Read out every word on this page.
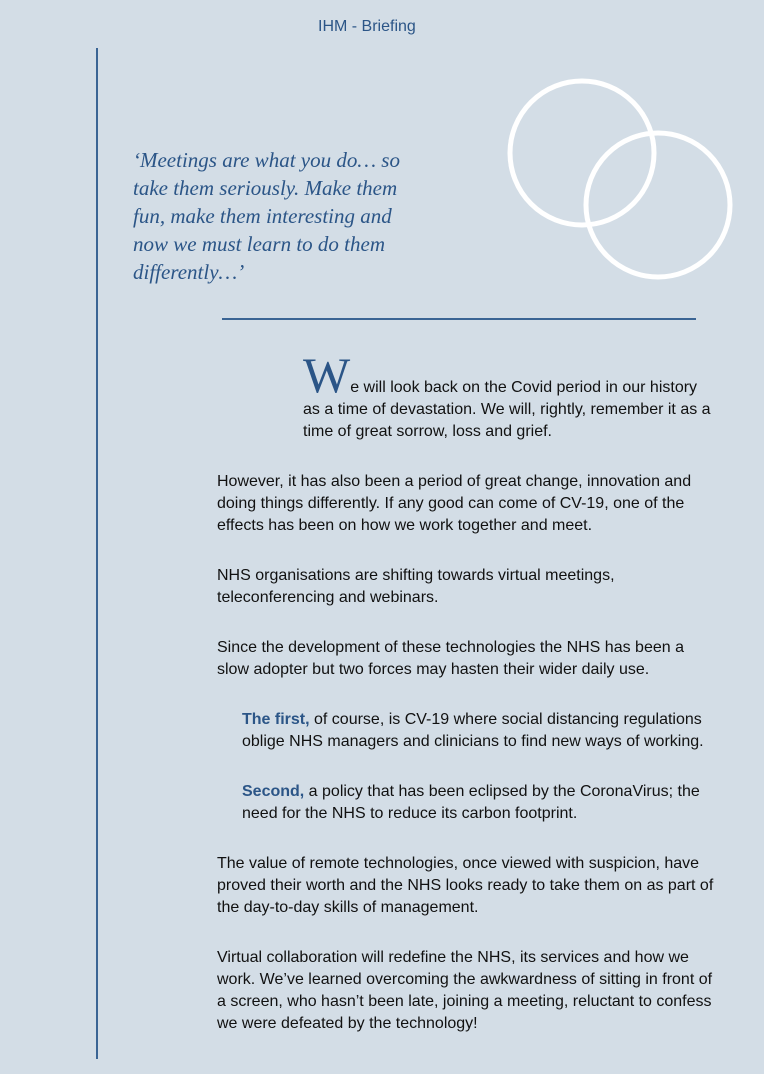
IHM - Briefing

‘Meetings are what you do… so
take them seriously. Make them
fun, make them interesting and
now we must learn to do them
differently…’

We will look back on the Covid period in our history as a time of devastation. We will, rightly, remember it as a time of great sorrow, loss and grief.

However, it has also been a period of great change, innovation and doing things differently. If any good can come of CV-19, one of the effects has been on how we work together and meet.

NHS organisations are shifting towards virtual meetings, teleconferencing and webinars.

Since the development of these technologies the NHS has been a slow adopter but two forces may hasten their wider daily use.

The first, of course, is CV-19 where social distancing regulations oblige NHS managers and clinicians to find new ways of working.

Second, a policy that has been eclipsed by the CoronaVirus; the need for the NHS to reduce its carbon footprint.

The value of remote technologies, once viewed with suspicion, have proved their worth and the NHS looks ready to take them on as part of the day-to-day skills of management.

Virtual collaboration will redefine the NHS, its services and how we work. We’ve learned overcoming the awkwardness of sitting in front of a screen, who hasn’t been late, joining a meeting, reluctant to confess we were defeated by the technology!
